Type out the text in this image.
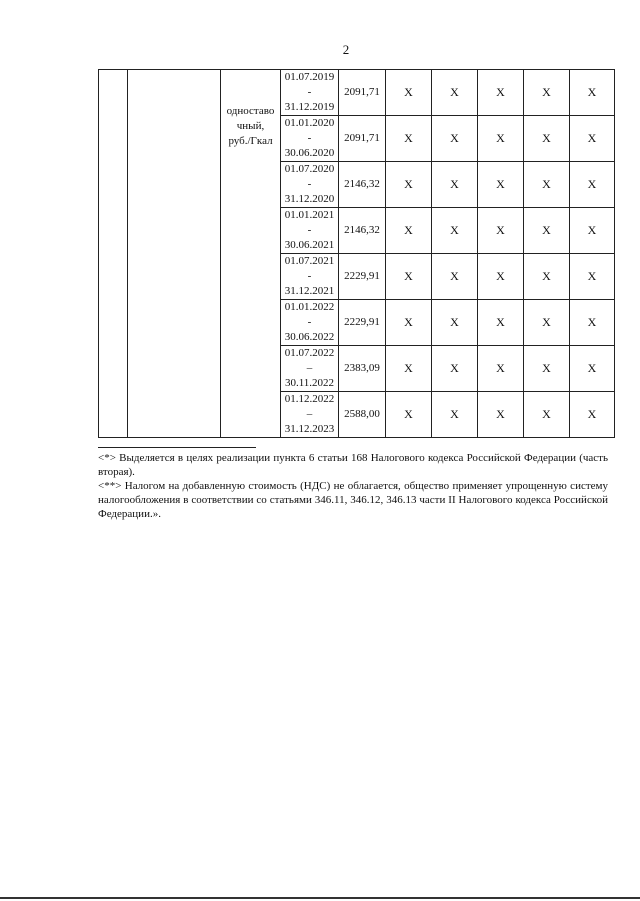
2
		одноставо
чный,
руб./Гкал	01.07.2019
-
31.12.2019	2091,71	X	X	X	X	X
			01.01.2020
-
30.06.2020	2091,71	X	X	X	X	X
			01.07.2020
-
31.12.2020	2146,32	X	X	X	X	X
			01.01.2021
-
30.06.2021	2146,32	X	X	X	X	X
			01.07.2021
-
31.12.2021	2229,91	X	X	X	X	X
			01.01.2022
-
30.06.2022	2229,91	X	X	X	X	X
			01.07.2022
–
30.11.2022	2383,09	X	X	X	X	X
			01.12.2022
–
31.12.2023	2588,00	X	X	X	X	X

<*> Выделяется в целях реализации пункта 6 статьи 168 Налогового кодекса Российской Федерации (часть вторая).

<**> Налогом на добавленную стоимость (НДС) не облагается, общество применяет упрощенную систему налогообложения в соответствии со статьями 346.11, 346.12, 346.13 части II Налогового кодекса Российской Федерации.».
